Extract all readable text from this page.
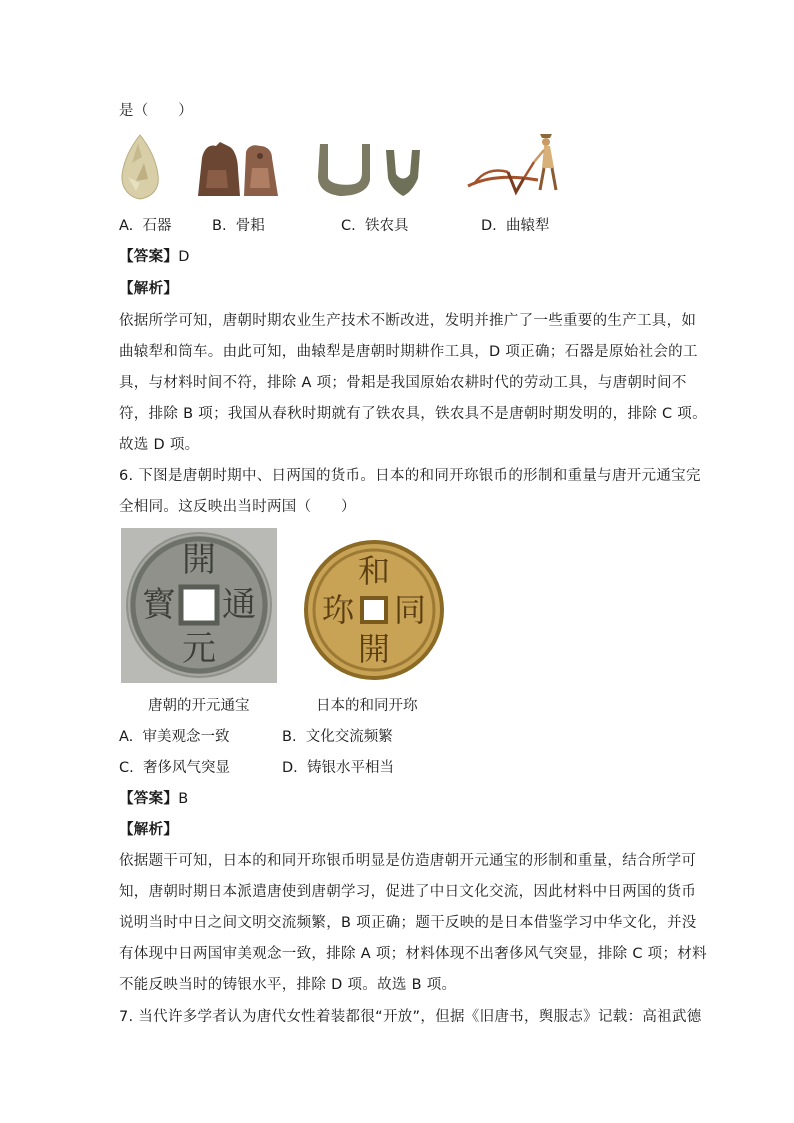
是（　　）
A. 石器	B. 骨耜	C. 铁农具	D. 曲辕犁
【答案】D
【解析】
依据所学可知，唐朝时期农业生产技术不断改进，发明并推广了一些重要的生产工具，如
曲辕犁和筒车。由此可知，曲辕犁是唐朝时期耕作工具，D 项正确；石器是原始社会的工
具，与材料时间不符，排除 A 项；骨耜是我国原始农耕时代的劳动工具，与唐朝时间不
符，排除 B 项；我国从春秋时期就有了铁农具，铁农具不是唐朝时期发明的，排除 C 项。
故选 D 项。
6. 下图是唐朝时期中、日两国的货币。日本的和同开珎银币的形制和重量与唐开元通宝完
全相同。这反映出当时两国（　　）
開
通
元
寳
和
同
開
珎
唐朝的开元通宝	日本的和同开珎
A. 审美观念一致	B. 文化交流频繁
C. 奢侈风气突显	D. 铸银水平相当
【答案】B
【解析】
依据题干可知，日本的和同开珎银币明显是仿造唐朝开元通宝的形制和重量，结合所学可
知，唐朝时期日本派遣唐使到唐朝学习，促进了中日文化交流，因此材料中日两国的货币
说明当时中日之间文明交流频繁，B 项正确；题干反映的是日本借鉴学习中华文化，并没
有体现中日两国审美观念一致，排除 A 项；材料体现不出奢侈风气突显，排除 C 项；材料
不能反映当时的铸银水平，排除 D 项。故选 B 项。
7. 当代许多学者认为唐代女性着装都很“开放”，但据《旧唐书，舆服志》记载：高祖武德
